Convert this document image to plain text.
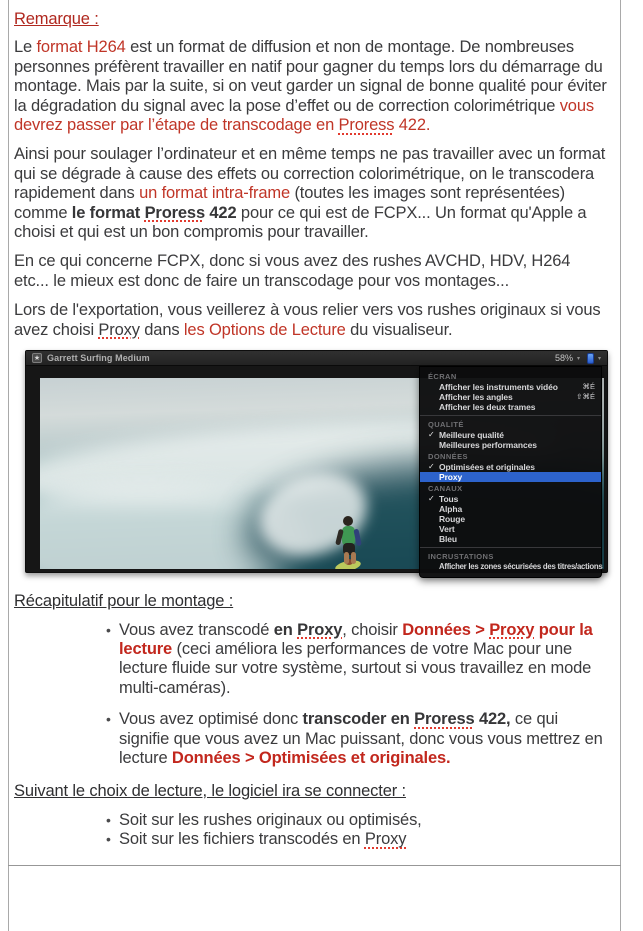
Remarque :

Le format H264 est un format de diffusion et non de montage. De nombreuses personnes préfèrent travailler en natif pour gagner du temps lors du démarrage du montage. Mais par la suite, si on veut garder un signal de bonne qualité pour éviter la dégradation du signal avec la pose d’effet ou de correction colorimétrique vous devrez passer par l’étape de transcodage en Proress 422.

Ainsi pour soulager l’ordinateur et en même temps ne pas travailler avec un format qui se dégrade à cause des effets ou correction colorimétrique, on le transcodera rapidement dans un format intra-frame (toutes les images sont représentées) comme le format Proress 422 pour ce qui est de FCPX... Un format qu'Apple a choisi et qui est un bon compromis pour travailler.

En ce qui concerne FCPX, donc si vous avez des rushes AVCHD, HDV, H264 etc... le mieux est donc de faire un transcodage pour vos montages...

Lors de l'exportation, vous veillerez à vous relier vers vos rushes originaux si vous avez choisi Proxy dans les Options de Lecture du visualiseur.

★ Garrett Surfing Medium	58% ▾	▾
ÉCRAN
Afficher les instruments vidéo	⌘É
Afficher les angles	⇧⌘É
Afficher les deux trames
QUALITÉ
✓ Meilleure qualité
Meilleures performances
DONNÉES
✓ Optimisées et originales
Proxy
CANAUX
✓ Tous
Alpha
Rouge
Vert
Bleu
INCRUSTATIONS
Afficher les zones sécurisées des titres/actions
Récapitulatif pour le montage :
• Vous avez transcodé en Proxy, choisir Données > Proxy pour la lecture (ceci améliora les performances de votre Mac pour une lecture fluide sur votre système, surtout si vous travaillez en mode multi-caméras).
• Vous avez optimisé donc transcoder en Proress 422, ce qui signifie que vous avez un Mac puissant, donc vous vous mettrez en lecture Données > Optimisées et originales.
Suivant le choix de lecture, le logiciel ira se connecter :
• Soit sur les rushes originaux ou optimisés,
• Soit sur les fichiers transcodés en Proxy
